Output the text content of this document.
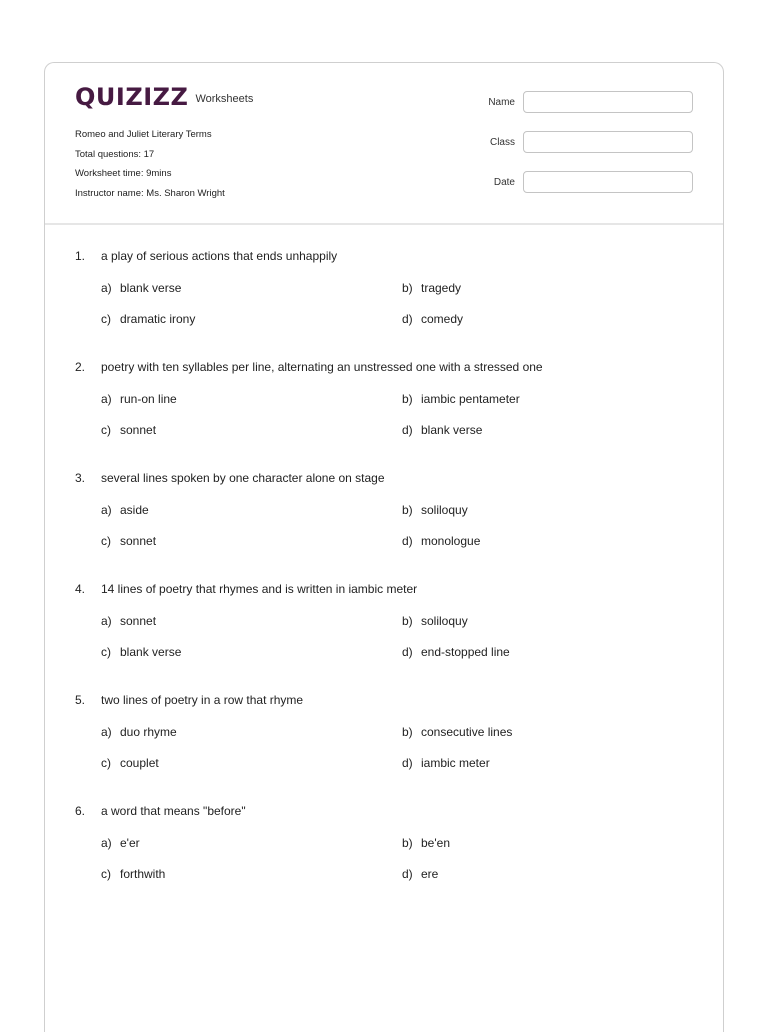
QUIZIZZ Worksheets
Romeo and Juliet Literary Terms
Total questions: 17
Worksheet time: 9mins
Instructor name: Ms. Sharon Wright
Name
Class
Date
1.	a play of serious actions that ends unhappily
a) blank verse	b) tragedy
c) dramatic irony	d) comedy
2.	poetry with ten syllables per line, alternating an unstressed one with a stressed one
a) run-on line	b) iambic pentameter
c) sonnet	d) blank verse
3.	several lines spoken by one character alone on stage
a) aside	b) soliloquy
c) sonnet	d) monologue
4.	14 lines of poetry that rhymes and is written in iambic meter
a) sonnet	b) soliloquy
c) blank verse	d) end-stopped line
5.	two lines of poetry in a row that rhyme
a) duo rhyme	b) consecutive lines
c) couplet	d) iambic meter
6.	a word that means "before"
a) e'er	b) be'en
c) forthwith	d) ere
